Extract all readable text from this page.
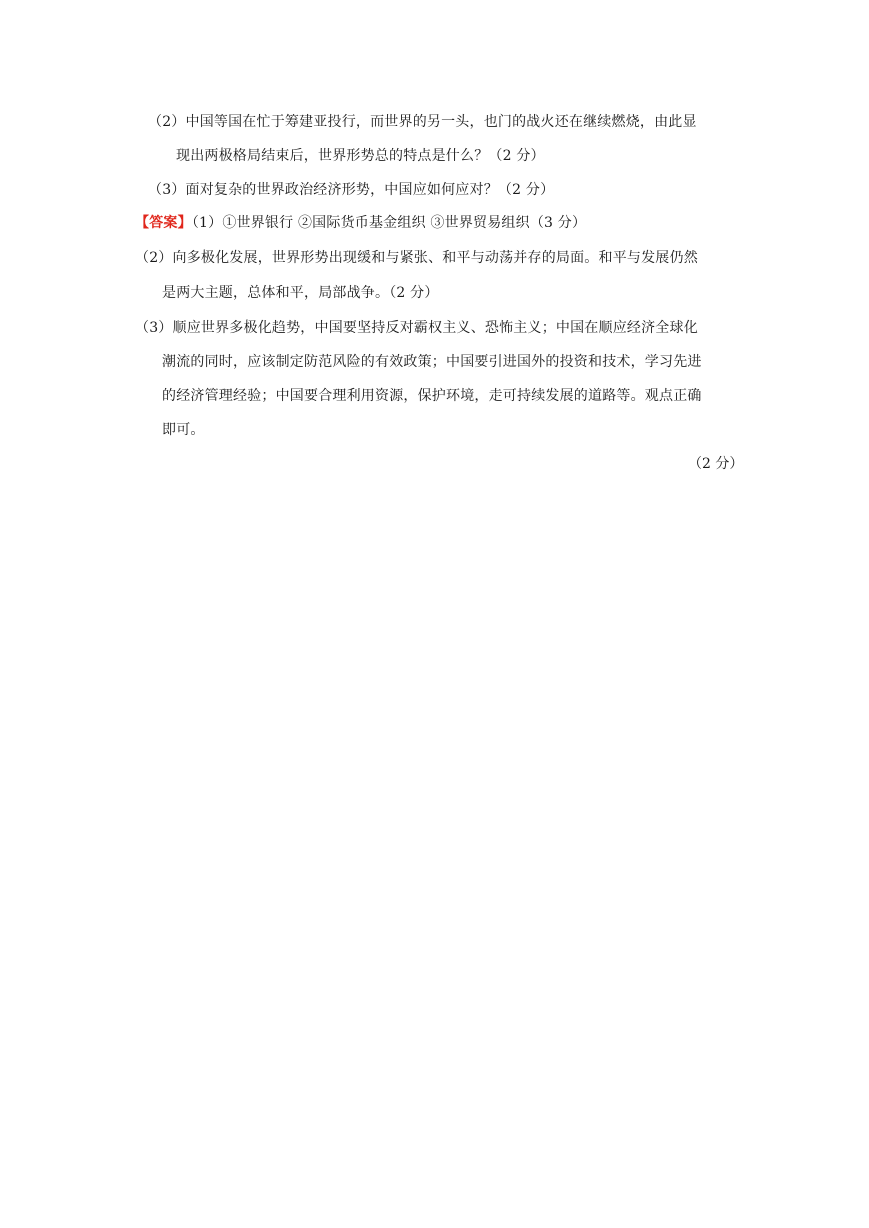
（2）中国等国在忙于筹建亚投行，而世界的另一头，也门的战火还在继续燃烧，由此显
现出两极格局结束后，世界形势总的特点是什么？（2 分）
（3）面对复杂的世界政治经济形势，中国应如何应对？（2 分）
【答案】（1）①世界银行 ②国际货币基金组织 ③世界贸易组织（3 分）
（2）向多极化发展，世界形势出现缓和与紧张、和平与动荡并存的局面。和平与发展仍然
是两大主题，总体和平，局部战争。（2 分）
（3）顺应世界多极化趋势，中国要坚持反对霸权主义、恐怖主义；中国在顺应经济全球化
潮流的同时，应该制定防范风险的有效政策；中国要引进国外的投资和技术，学习先进
的经济管理经验；中国要合理利用资源，保护环境，走可持续发展的道路等。观点正确
即可。
（2 分）
